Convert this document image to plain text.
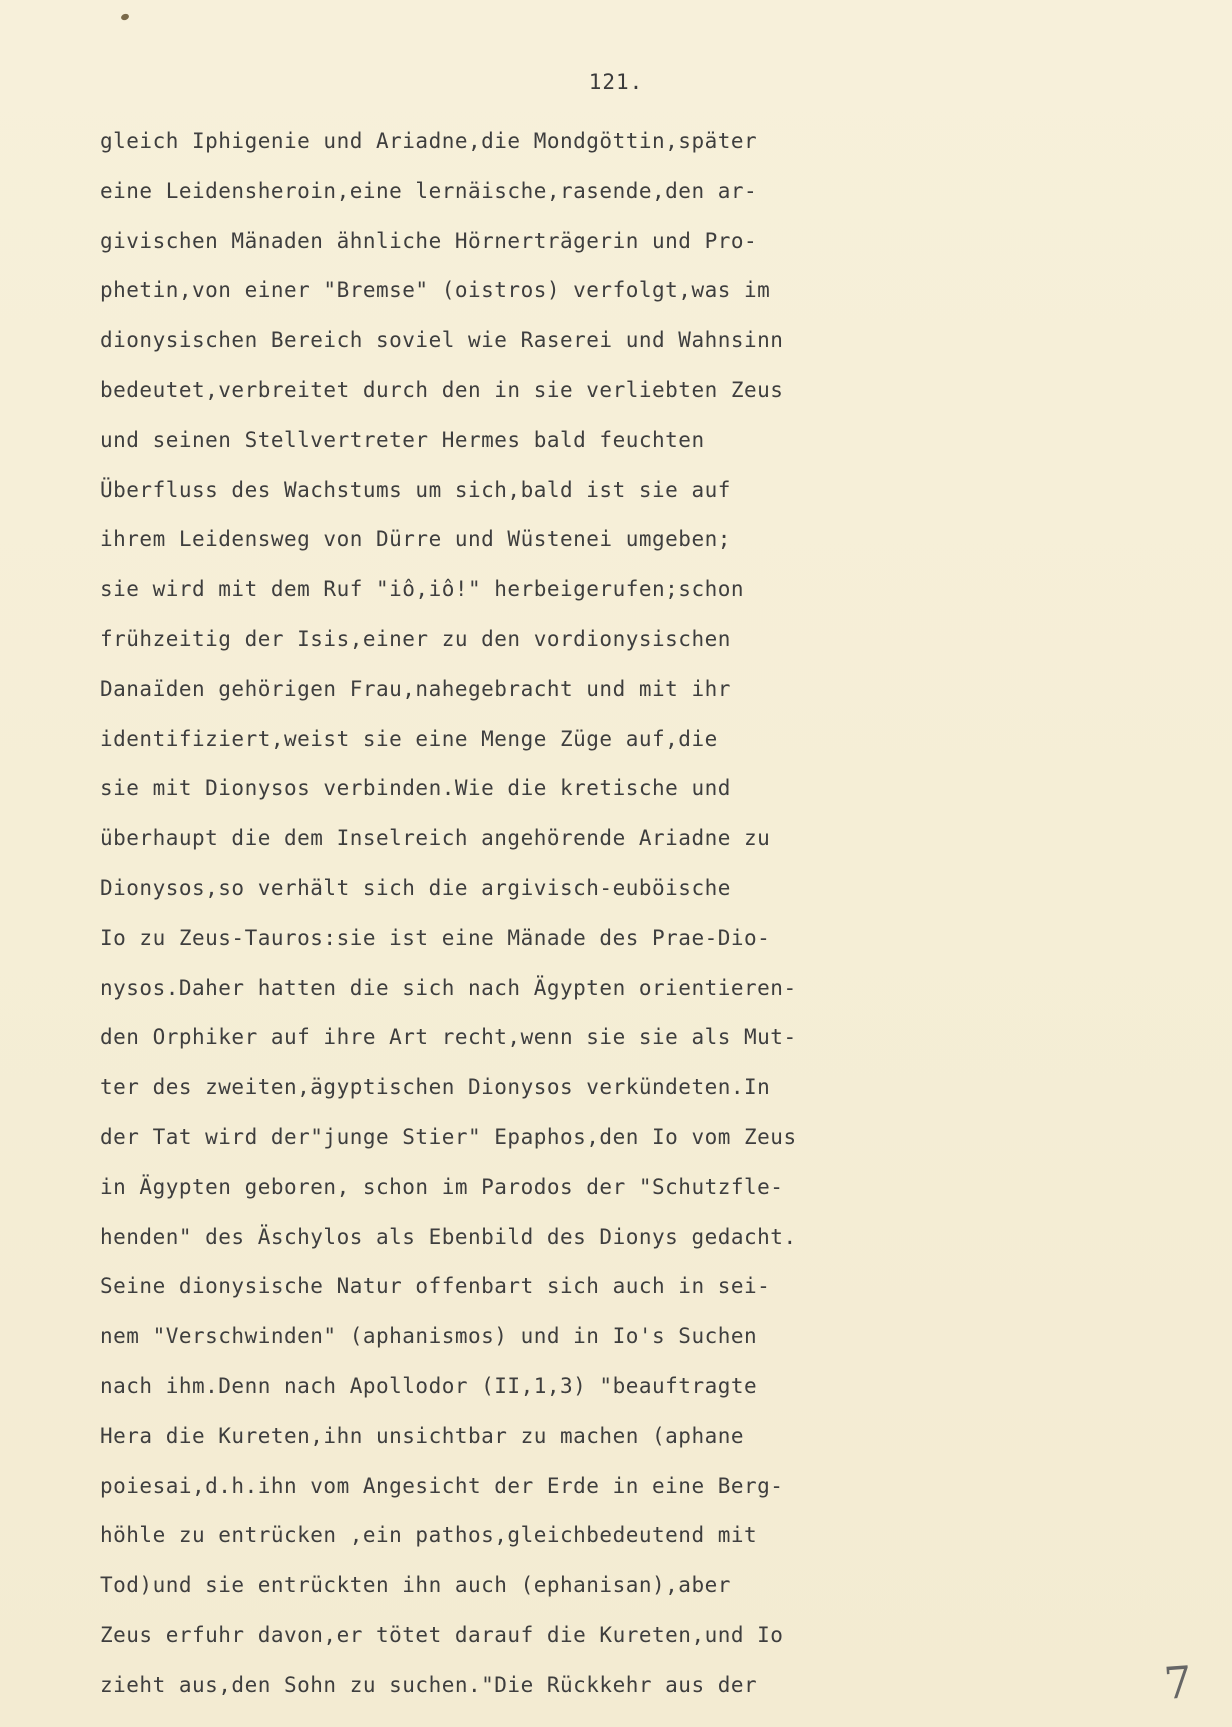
121.
gleich Iphigenie und Ariadne,die Mondgöttin,später
eine Leidensheroin,eine lernäische,rasende,den ar-
givischen Mänaden ähnliche Hörnerträgerin und Pro-
phetin,von einer "Bremse" (oistros) verfolgt,was im
dionysischen Bereich soviel wie Raserei und Wahnsinn
bedeutet,verbreitet durch den in sie verliebten Zeus
und seinen Stellvertreter Hermes bald feuchten
Überfluss des Wachstums um sich,bald ist sie auf
ihrem Leidensweg von Dürre und Wüstenei umgeben;
sie wird mit dem Ruf "iô,iô!" herbeigerufen;schon
frühzeitig der Isis,einer zu den vordionysischen
Danaïden gehörigen Frau,nahegebracht und mit ihr
identifiziert,weist sie eine Menge Züge auf,die
sie mit Dionysos verbinden.Wie die kretische und
überhaupt die dem Inselreich angehörende Ariadne zu
Dionysos,so verhält sich die argivisch-euböische
Io zu Zeus-Tauros:sie ist eine Mänade des Prae-Dio-
nysos.Daher hatten die sich nach Ägypten orientieren-
den Orphiker auf ihre Art recht,wenn sie sie als Mut-
ter des zweiten,ägyptischen Dionysos verkündeten.In
der Tat wird der"junge Stier" Epaphos,den Io vom Zeus
in Ägypten geboren, schon im Parodos der "Schutzfle-
henden" des Äschylos als Ebenbild des Dionys gedacht.
Seine dionysische Natur offenbart sich auch in sei-
nem "Verschwinden" (aphanismos) und in Io's Suchen
nach ihm.Denn nach Apollodor (II,1,3) "beauftragte
Hera die Kureten,ihn unsichtbar zu machen (aphane
poiesai,d.h.ihn vom Angesicht der Erde in eine Berg-
höhle zu entrücken ,ein pathos,gleichbedeutend mit
Tod)und sie entrückten ihn auch (ephanisan),aber
Zeus erfuhr davon,er tötet darauf die Kureten,und Io
zieht aus,den Sohn zu suchen."Die Rückkehr aus der	7
